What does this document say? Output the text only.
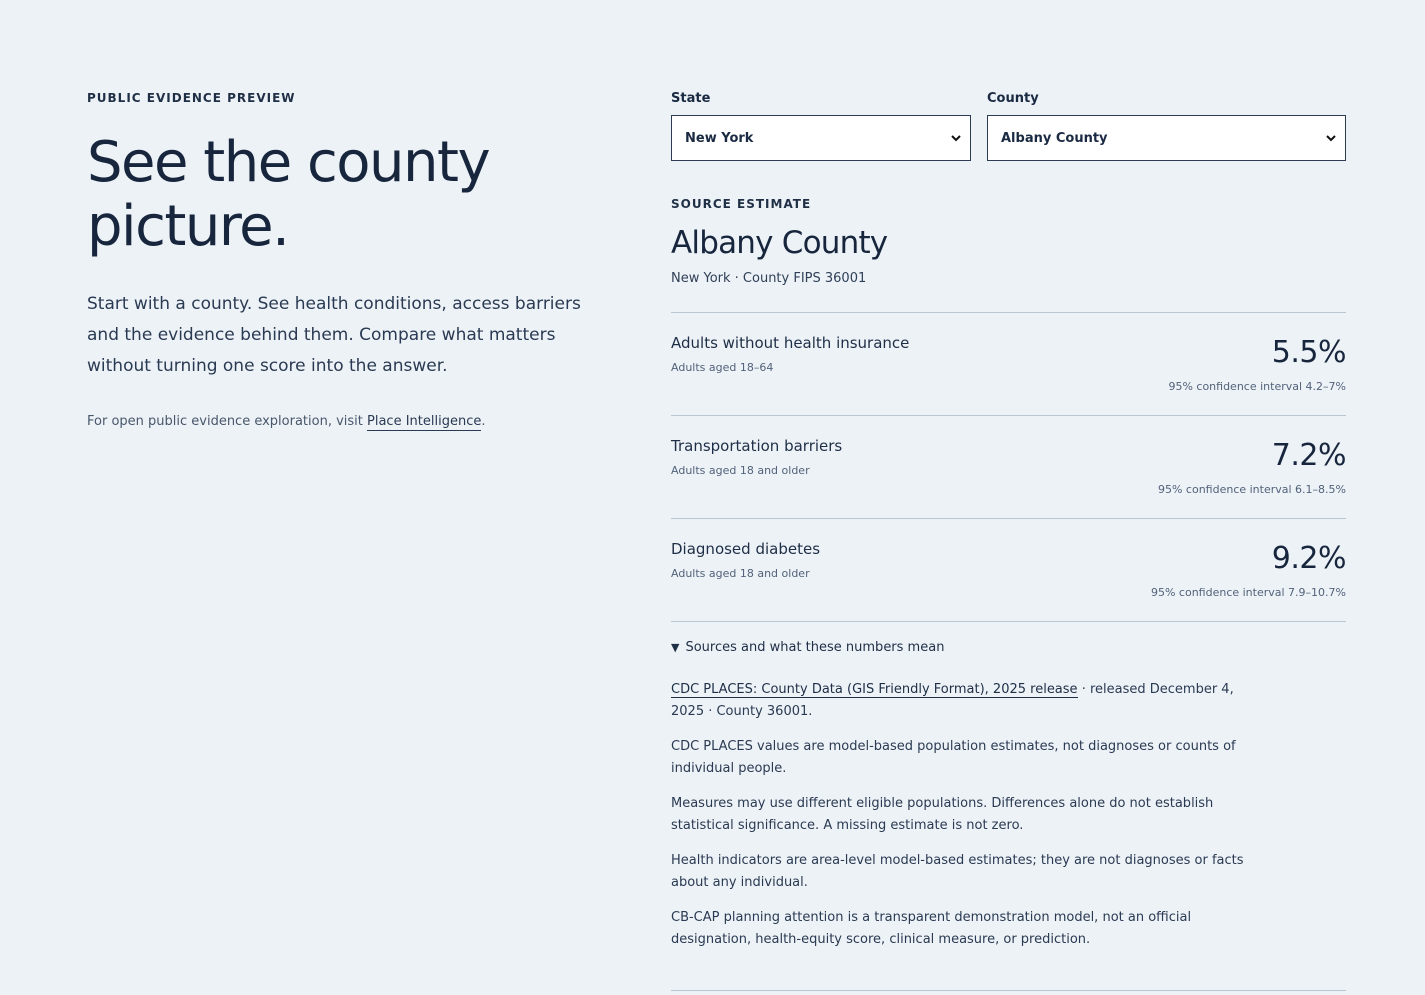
PUBLIC EVIDENCE PREVIEW

See the county picture.

Start with a county. See health conditions, access barriers and the evidence behind them. Compare what matters without turning one score into the answer.

For open public evidence exploration, visit Place Intelligence.

State
New York
County
Albany County
SOURCE ESTIMATE
Albany County
New York · County FIPS 36001
Adults without health insurance
Adults aged 18–64	5.5%
95% confidence interval 4.2–7%
Transportation barriers
Adults aged 18 and older	7.2%
95% confidence interval 6.1–8.5%
Diagnosed diabetes
Adults aged 18 and older	9.2%
95% confidence interval 7.9–10.7%
▼ Sources and what these numbers mean

CDC PLACES: County Data (GIS Friendly Format), 2025 release · released December 4, 2025 · County 36001.

CDC PLACES values are model-based population estimates, not diagnoses or counts of individual people.

Measures may use different eligible populations. Differences alone do not establish statistical significance. A missing estimate is not zero.

Health indicators are area-level model-based estimates; they are not diagnoses or facts about any individual.

CB-CAP planning attention is a transparent demonstration model, not an official designation, health-equity score, clinical measure, or prediction.
